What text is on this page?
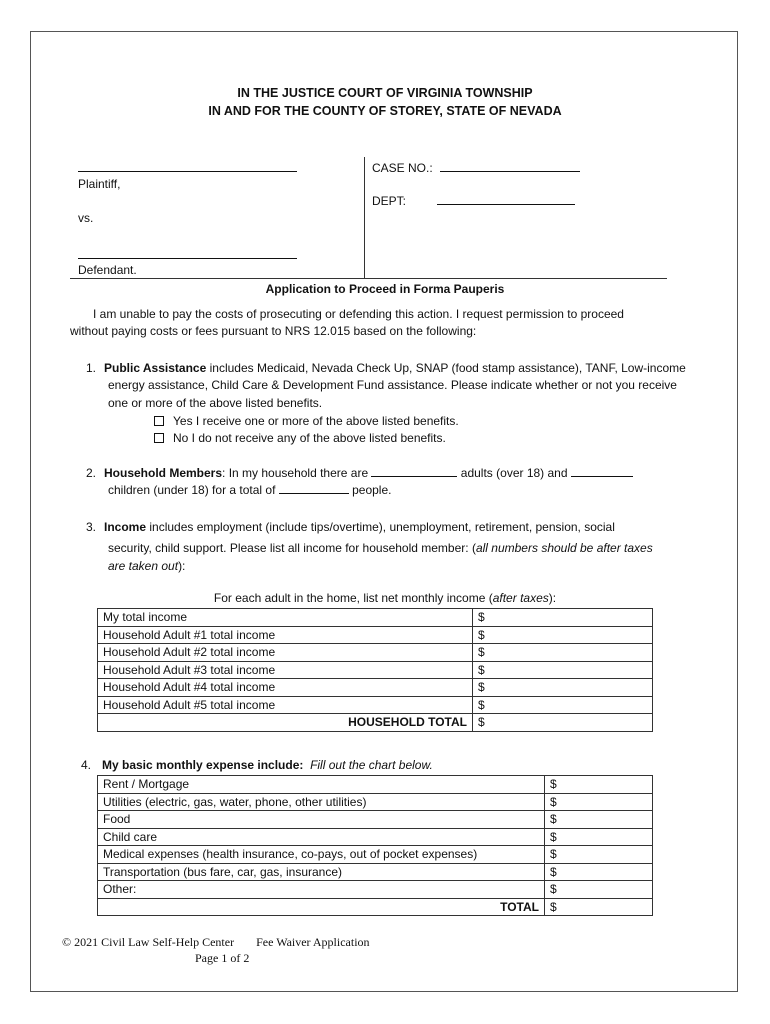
IN THE JUSTICE COURT OF VIRGINIA TOWNSHIP
IN AND FOR THE COUNTY OF STOREY, STATE OF NEVADA
Plaintiff,
vs.
Defendant.
CASE NO.:
DEPT:
Application to Proceed in Forma Pauperis
I am unable to pay the costs of prosecuting or defending this action. I request permission to proceed
without paying costs or fees pursuant to NRS 12.015 based on the following:
1. Public Assistance includes Medicaid, Nevada Check Up, SNAP (food stamp assistance), TANF, Low-income
energy assistance, Child Care & Development Fund assistance. Please indicate whether or not you receive
one or more of the above listed benefits.
Yes I receive one or more of the above listed benefits.
No I do not receive any of the above listed benefits.
2. Household Members: In my household there are	adults (over 18) and
children (under 18) for a total of	people.
3. Income includes employment (include tips/overtime), unemployment, retirement, pension, social
security, child support. Please list all income for household member: (all numbers should be after taxes
are taken out):
For each adult in the home, list net monthly income (after taxes):
My total income	$
Household Adult #1 total income	$
Household Adult #2 total income	$
Household Adult #3 total income	$
Household Adult #4 total income	$
Household Adult #5 total income	$
HOUSEHOLD TOTAL	$
4. My basic monthly expense include: Fill out the chart below.
Rent / Mortgage	$
Utilities (electric, gas, water, phone, other utilities)	$
Food	$
Child care	$
Medical expenses (health insurance, co-pays, out of pocket expenses)	$
Transportation (bus fare, car, gas, insurance)	$
Other:	$
TOTAL	$
© 2021 Civil Law Self-Help Center Fee Waiver Application
Page 1 of 2
